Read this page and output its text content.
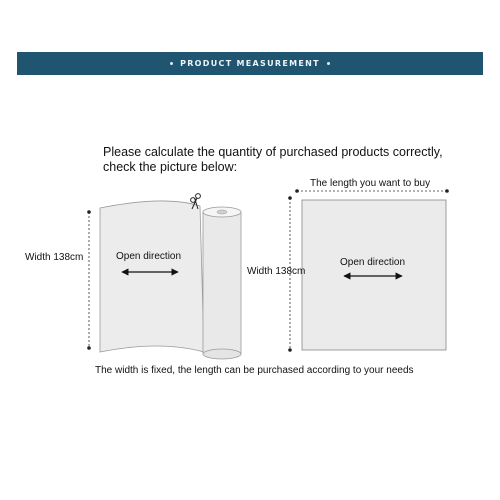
PRODUCT MEASUREMENT
Please calculate the quantity of purchased products correctly,
check the picture below:
Width 138cm	Open direction
The length you want to buy
Width 138cm
Open direction
The width is fixed, the length can be purchased according to your needs
